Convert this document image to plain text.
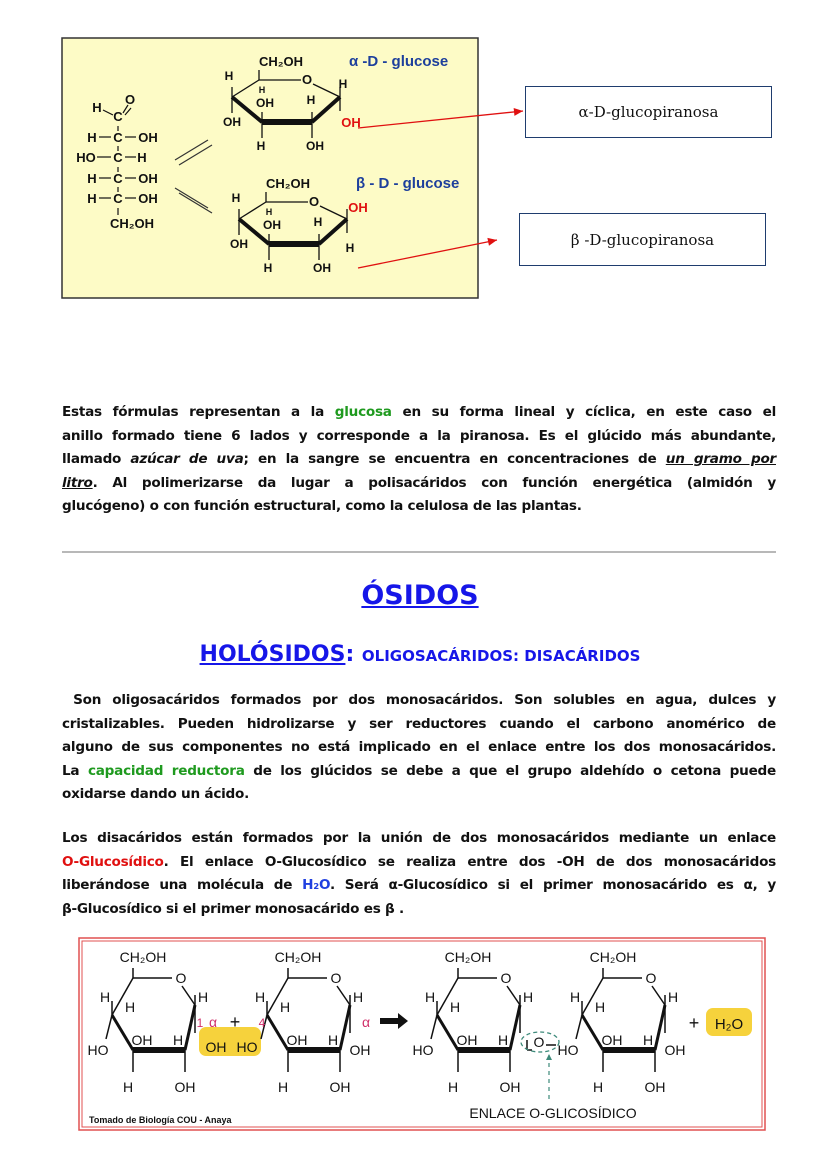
H
O
C
H C OH
HO C H
H C OH
H C OH
CH₂OH
O
CH₂OH
H
OH
H
OH
H
H
OH
H
OH
α -D - glucose
O
CH₂OH
H
OH
H
OH
H
H
OH
OH
H
β - D - glucose
α-D-glucopiranosa
β -D-glucopiranosa
Estas fórmulas representan a la glucosa en su forma lineal y cíclica, en este caso el
anillo formado tiene 6 lados y corresponde a la piranosa. Es el glúcido más abundante,
llamado azúcar de uva; en la sangre se encuentra en concentraciones de un gramo por
litro. Al polimerizarse da lugar a polisacáridos con función energética (almidón y
glucógeno) o con función estructural, como la celulosa de las plantas.
ÓSIDOS
HOLÓSIDOS: OLIGOSACÁRIDOS: DISACÁRIDOS
Son oligosacáridos formados por dos monosacáridos. Son solubles en agua, dulces y
cristalizables. Pueden hidrolizarse y ser reductores cuando el carbono anomérico de
alguno de sus componentes no está implicado en el enlace entre los dos monosacáridos.
La capacidad reductora de los glúcidos se debe a que el grupo aldehído o cetona puede
oxidarse dando un ácido.
Los disacáridos están formados por la unión de dos monosacáridos mediante un enlace
O-Glucosídico. El enlace O-Glucosídico se realiza entre dos -OH de dos monosacáridos
liberándose una molécula de H₂O. Será α-Glucosídico si el primer monosacárido es α, y
β-Glucosídico si el primer monosacárido es β .
CH₂OH
O
H
H
HO
OH H
H	OH
H
CH₂OH
O
H
H
OH H
H	OH
H
OH
CH₂OH
O
H
H
HO
OH H
H	OH
H
CH₂OH
O
H
H
HO
OH H
H	OH
H
OH
OH HO
1 α + 4	α
O
+ H₂O
ENLACE O-GLICOSÍDICO
Tomado de Biología COU - Anaya
